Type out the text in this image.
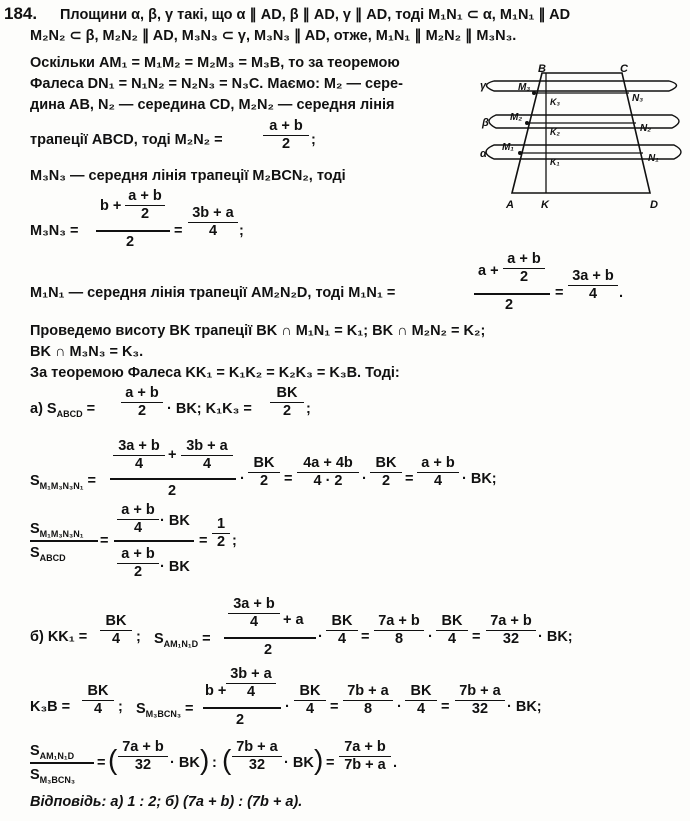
184. Площини α, β, γ такі, що α ∥ AD, β ∥ AD, γ ∥ AD, тоді M₁N₁ ⊂ α, M₁N₁ ∥ AD
M₂N₂ ⊂ β, M₂N₂ ∥ AD, M₃N₃ ⊂ γ, M₃N₃ ∥ AD, отже, M₁N₁ ∥ M₂N₂ ∥ M₃N₃.
Оскільки AM₁ = M₁M₂ = M₂M₃ = M₃B, то за теоремою
Фалеса DN₁ = N₁N₂ = N₂N₃ = N₃C. Маємо: M₂ — сере-
дина AB, N₂ — середина CD, M₂N₂ — середня лінія
трапеції ABCD, тоді M₂N₂ =	$\frac{a + b}{2}$ ;
M₃N₃ — середня лінія трапеції M₂BCN₂, тоді
M₃N₃ =
$b + \frac{a + b}{2}$
2
= $\frac{3b + a}{4}$ ;
M₁N₁ — середня лінія трапеції AM₂N₂D, тоді M₁N₁ =
$a + \frac{a + b}{2}$
2
= $\frac{3a + b}{4}$ .
Проведемо висоту BK трапеції BK ∩ M₁N₁ = K₁; BK ∩ M₂N₂ = K₂;
BK ∩ M₃N₃ = K₃.
За теоремою Фалеса KK₁ = K₁K₂ = K₂K₃ = K₃B. Тоді:
а) $S_{ABCD} = \frac{a + b}{2}$ · BK; $K_1K_3 = \frac{BK}{2}$ ;
$S_{M_1M_3N_3N_1}$ =
$\frac{3a + b}{4} + \frac{3b + a}{4}$
2
· $\frac{BK}{2} = \frac{4a + 4b}{4 \cdot 2} \cdot \frac{BK}{2} = \frac{a + b}{4}$ · BK;
$S_{M_1M_3N_3N_1}$
$S_{ABCD}$
=
$\frac{a + b}{4}$ · BK
$\frac{a + b}{2}$ · BK
= $\frac{1}{2}$ ;
б) $KK_1 = \frac{BK}{4}$ ; $S_{AM_1N_1D}$ =
$\frac{3a + b}{4} + a$
2
· $\frac{BK}{4} = \frac{7a + b}{8} \cdot \frac{BK}{4} = \frac{7a + b}{32}$ · BK;
$K_3B = \frac{BK}{4}$ ; $S_{M_3BCN_3}$ =
$b + \frac{3b + a}{4}$
2
· $\frac{BK}{4} = \frac{7b + a}{8} \cdot \frac{BK}{4} = \frac{7b + a}{32}$ · BK;
$S_{AM_1N_1D}$
$S_{M_3BCN_3}$
= ( $\frac{7a + b}{32}$ · BK ) : ( $\frac{7b + a}{32}$ · BK ) = $\frac{7a + b}{7b + a}$ .
Відповідь: а) 1 : 2; б) (7a + b) : (7b + a).
B	C
A K	D
M₃
M₂
M₁
N₃
N₂
N₁
K₃
K₂
K₁
γ
β
α
